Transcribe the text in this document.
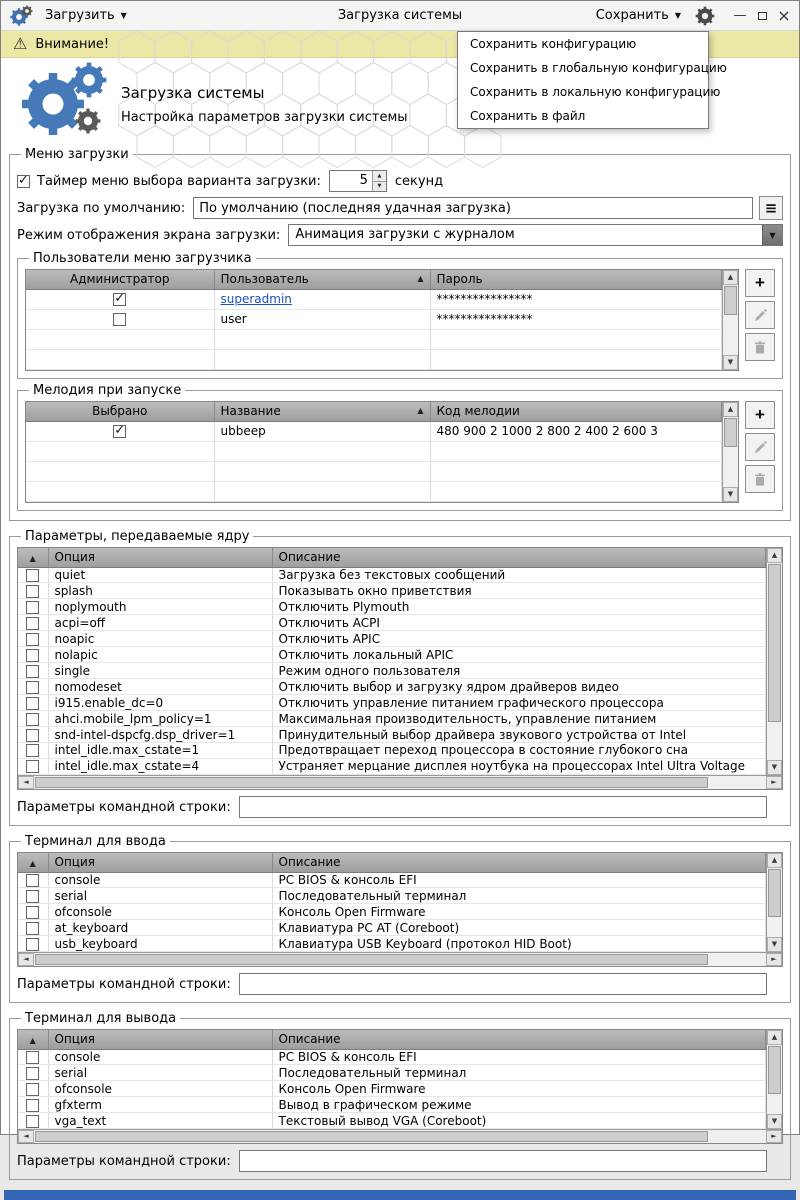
Загрузить ▼	Загрузка системы	Сохранить ▼	— ×
⚠ Внимание!	Сохранить конфигурацию
Сохранить в глобальную конфигурацию
Сохранить в локальную конфигурацию
Сохранить в файл
Загрузка системы
Настройка параметров загрузки системы
Меню загрузки
✓
Таймер меню выбора варианта загрузки:	5	▲
▼	секунд
Загрузка по умолчанию:
По умолчанию (последняя удачная загрузка)	≡
Режим отображения экрана загрузки:	Анимация загрузки с журналом	▼
Пользователи меню загрузчика
Администратор	Пользователь ▲	Пароль
✓	superadmin	****************
	user	****************

▲
▼
+
Мелодия при запуске
Выбрано	Название ▲	Код мелодии
✓	ubbeep	480 900 2 1000 2 800 2 400 2 600 3

▲
▼
+
Параметры, передаваемые ядру
▲	Опция	Описание
	quiet	Загрузка без текстовых сообщений
	splash	Показывать окно приветствия
	noplymouth	Отключить Plymouth
	acpi=off	Отключить ACPI
	noapic	Отключить APIC
	nolapic	Отключить локальный APIC
	single	Режим одного пользователя
	nomodeset	Отключить выбор и загрузку ядром драйверов видео
	i915.enable_dc=0	Отключить управление питанием графического процессора
	ahci.mobile_lpm_policy=1	Максимальная производительность, управление питанием
	snd-intel-dspcfg.dsp_driver=1	Принудительный выбор драйвера звукового устройства от Intel
	intel_idle.max_cstate=1	Предотвращает переход процессора в состояние глубокого сна
	intel_idle.max_cstate=4	Устраняет мерцание дисплея ноутбука на процессорах Intel Ultra Voltage
▲
▼
◄	►
Параметры командной строки:
Терминал для ввода
▲	Опция	Описание
	console	PC BIOS & консоль EFI
	serial	Последовательный терминал
	ofconsole	Консоль Open Firmware
	at_keyboard	Клавиатура PC AT (Coreboot)
	usb_keyboard	Клавиатура USB Keyboard (протокол HID Boot)
▲
▼
◄	►
Параметры командной строки:
Терминал для вывода
▲	Опция	Описание
	console	PC BIOS & консоль EFI
	serial	Последовательный терминал
	ofconsole	Консоль Open Firmware
	gfxterm	Вывод в графическом режиме
	vga_text	Текстовый вывод VGA (Coreboot)
▲
▼
◄	►
Параметры командной строки:
